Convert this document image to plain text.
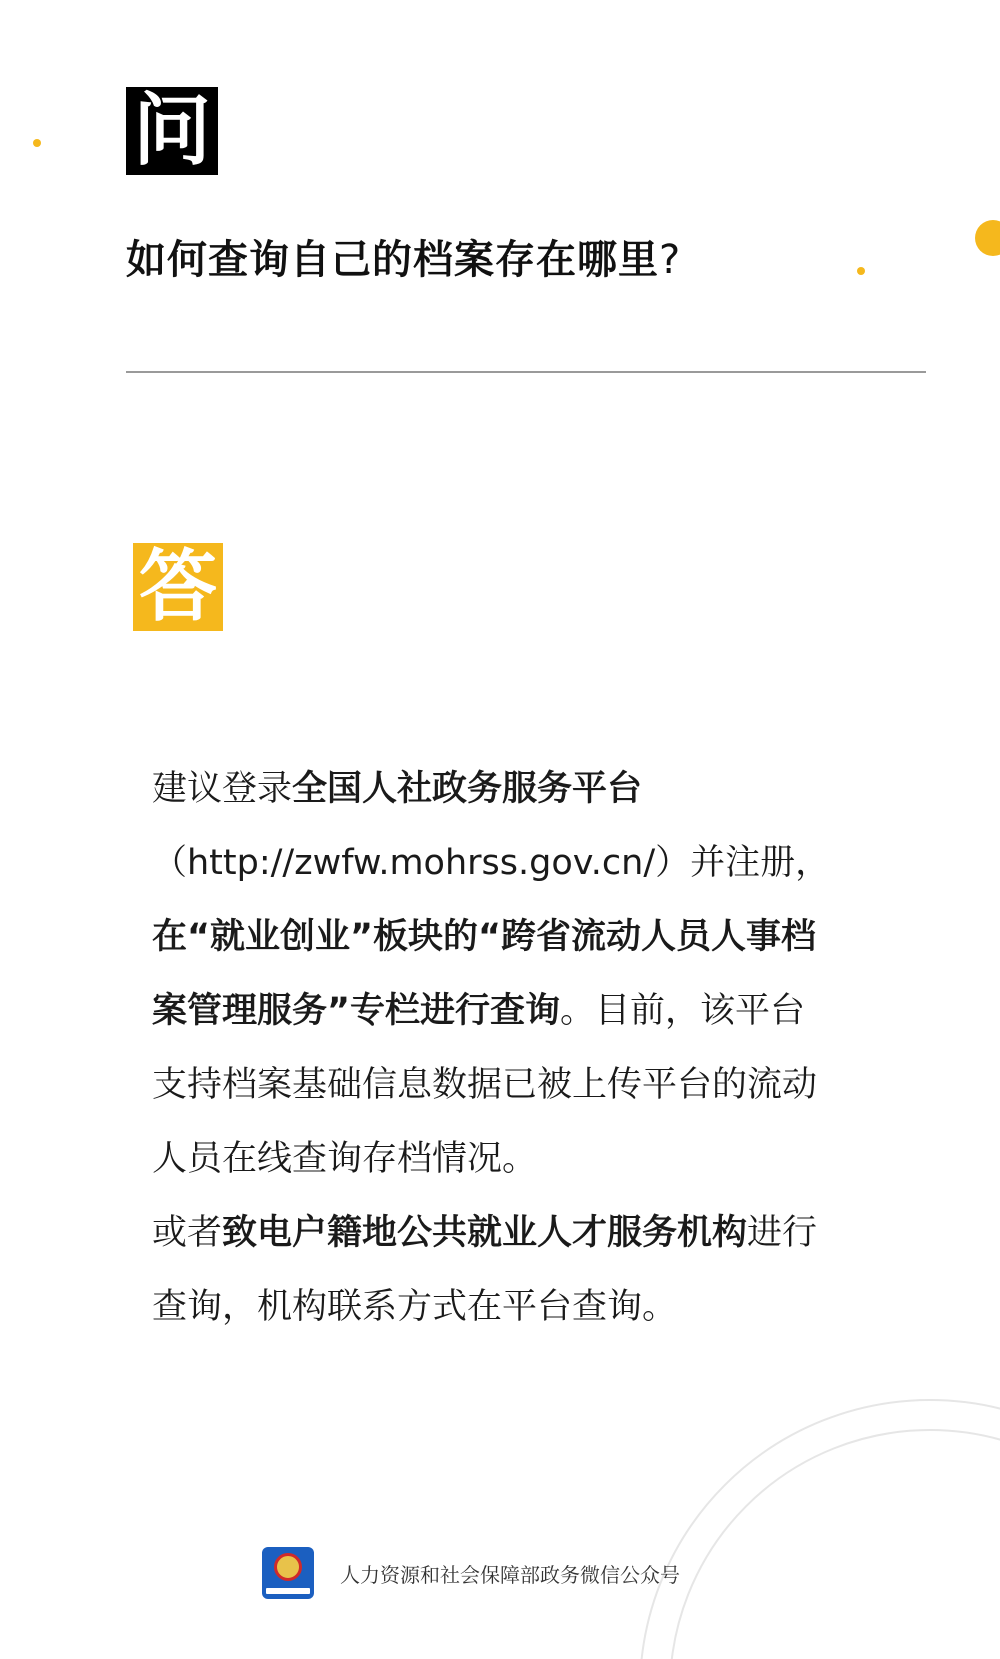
问
如何查询自己的档案存在哪里?
答

建议登录全国人社政务服务平台（http://zwfw.mohrss.gov.cn/）并注册，在“就业创业”板块的“跨省流动人员人事档案管理服务”专栏进行查询。目前，该平台支持档案基础信息数据已被上传平台的流动人员在线查询存档情况。

或者致电户籍地公共就业人才服务机构进行查询，机构联系方式在平台查询。

人力资源和社会保障部政务微信公众号
